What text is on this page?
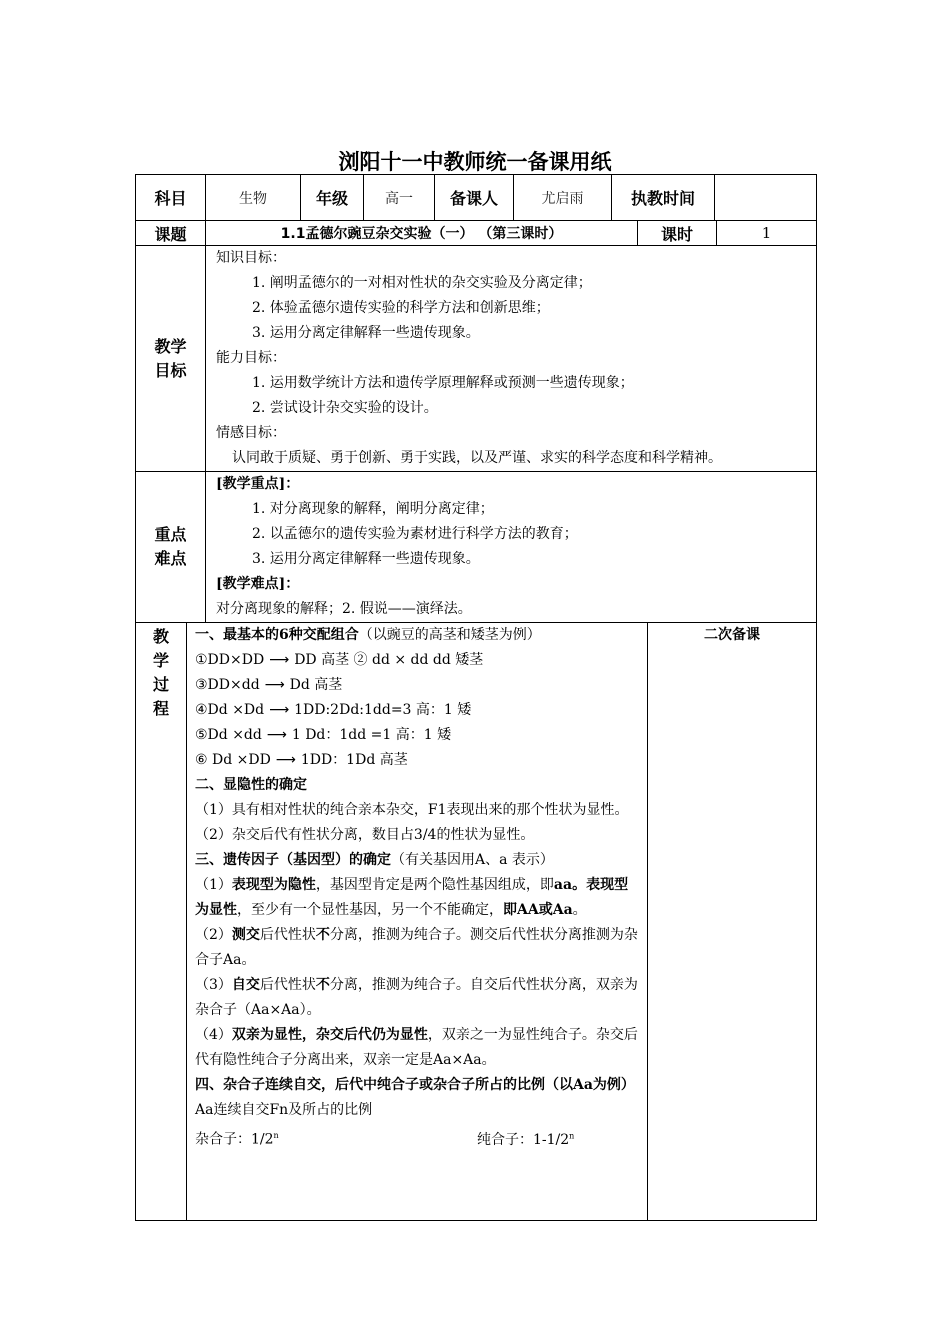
浏阳十一中教师统一备课用纸
科目	生物	年级	高一	备课人	尤启雨	执教时间	
课题	1.1孟德尔豌豆杂交实验（一） （第三课时）	课时	1
教学
目标

知识目标：
1. 阐明孟德尔的一对相对性状的杂交实验及分离定律；
2. 体验孟德尔遗传实验的科学方法和创新思维；
3. 运用分离定律解释一些遗传现象。
能力目标：
1. 运用数学统计方法和遗传学原理解释或预测一些遗传现象；
2. 尝试设计杂交实验的设计。
情感目标：
认同敢于质疑、勇于创新、勇于实践，以及严谨、求实的科学态度和科学精神。
重点
难点

[教学重点]：
1. 对分离现象的解释，阐明分离定律；
2. 以孟德尔的遗传实验为素材进行科学方法的教育；
3. 运用分离定律解释一些遗传现象。
[教学难点]：
对分离现象的解释；2. 假说——演绎法。
教
学
过
程

一、最基本的6种交配组合（以豌豆的高茎和矮茎为例）
①DD×DD ⟶ DD 高茎 ② dd × dd dd 矮茎
③DD×dd ⟶ Dd 高茎
④Dd ×Dd ⟶ 1DD:2Dd:1dd=3 高：1 矮
⑤Dd ×dd ⟶ 1 Dd：1dd =1 高：1 矮
⑥ Dd ×DD ⟶ 1DD：1Dd 高茎
二、显隐性的确定
（1）具有相对性状的纯合亲本杂交，F1表现出来的那个性状为显性。
（2）杂交后代有性状分离，数目占3/4的性状为显性。
三、遗传因子（基因型）的确定（有关基因用A、a 表示）
（1）表现型为隐性，基因型肯定是两个隐性基因组成，即aa。表现型为显性，至少有一个显性基因，另一个不能确定，即AA或Aa。
（2）测交后代性状不分离，推测为纯合子。测交后代性状分离推测为杂合子Aa。
（3）自交后代性状不分离，推测为纯合子。自交后代性状分离，双亲为杂合子（Aa×Aa）。
（4）双亲为显性，杂交后代仍为显性，双亲之一为显性纯合子。杂交后代有隐性纯合子分离出来，双亲一定是Aa×Aa。
四、杂合子连续自交，后代中纯合子或杂合子所占的比例（以Aa为例）
Aa连续自交Fn及所占的比例
杂合子：1/2$^n$	纯合子：1-1/2$^n$

二次备课
